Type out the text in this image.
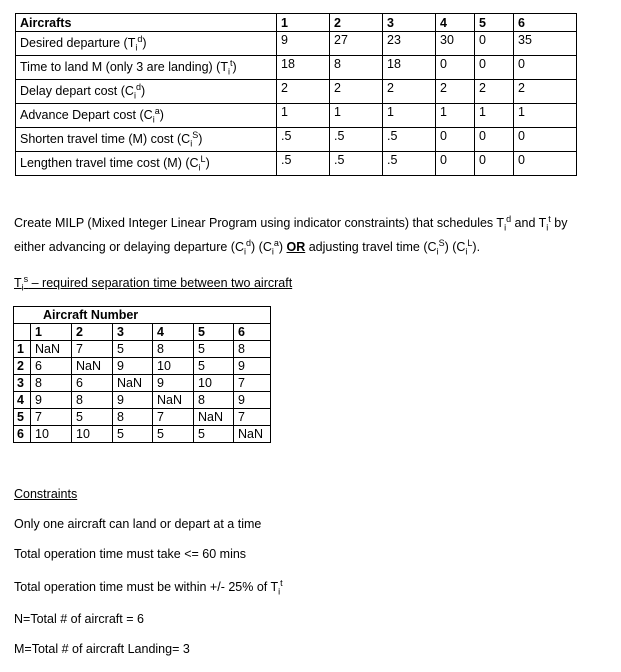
Aircrafts	1	2	3	4	5	6
Desired departure $(T_i^d)$	9	27	23	30	0	35
Time to land M (only 3 are landing) $(T_i^t)$	18	8	18	0	0	0
Delay depart cost $(C_i^d)$	2	2	2	2	2	2
Advance Depart cost $(C_i^a)$	1	1	1	1	1	1
Shorten travel time (M) cost $(C_i^S)$	.5	.5	.5	0	0	0
Lengthen travel time cost (M) $(C_i^L)$	.5	.5	.5	0	0	0
Create MILP (Mixed Integer Linear Program using indicator constraints) that schedules $T_i^d$ and $T_i^t$ by
either advancing or delaying departure $(C_i^d)$ $(C_i^a)$ OR adjusting travel time $(C_i^S)$ $(C_i^L)$.
$T_i^s$ – required separation time between two aircraft
Aircraft Number						
	1	2	3	4	5	6
1	NaN	7	5	8	5	8
2	6	NaN	9	10	5	9
3	8	6	NaN	9	10	7
4	9	8	9	NaN	8	9
5	7	5	8	7	NaN	7
6	10	10	5	5	5	NaN
Constraints
Only one aircraft can land or depart at a time
Total operation time must take <= 60 mins
Total operation time must be within +/- 25% of $T_i^t$
N=Total # of aircraft = 6
M=Total # of aircraft Landing= 3
